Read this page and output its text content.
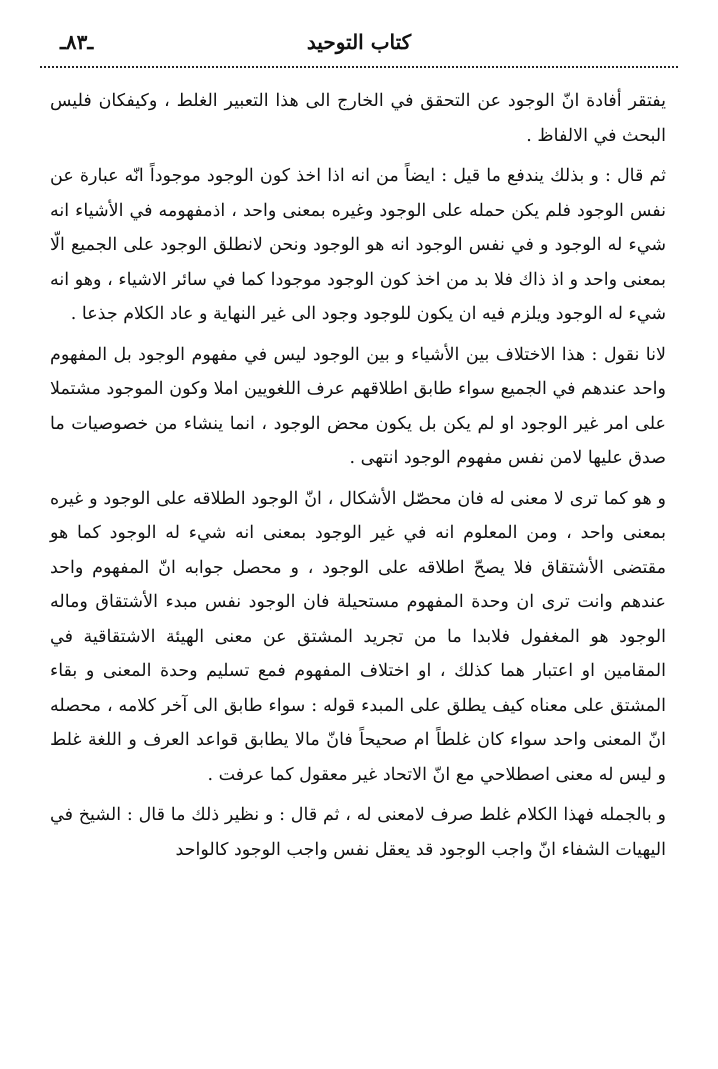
كتاب التوحيد
ـ٨٣ـ

يفتقر أفادة انّ الوجود عن التحقق في الخارج الى هذا التعبير الغلط ، وكيفكان فليس البحث في الالفاظ .

ثم قال : و بذلك يندفع ما قيل : ايضاً من انه اذا اخذ كون الوجود موجوداً انّه عبارة عن نفس الوجود فلم يكن حمله على الوجود وغيره بمعنى واحد ، اذمفهومه في الأشياء انه شيء له الوجود و في نفس الوجود انه هو الوجود ونحن لانطلق الوجود على الجميع الّا بمعنى واحد و اذ ذاك فلا بد من اخذ كون الوجود موجودا كما في سائر الاشياء ، وهو انه شيء له الوجود ويلزم فيه ان يكون للوجود وجود الى غير النهاية و عاد الكلام جذعا .

لانا نقول : هذا الاختلاف بين الأشياء و بين الوجود ليس في مفهوم الوجود بل المفهوم واحد عندهم في الجميع سواء طابق اطلاقهم عرف اللغويين املا وكون الموجود مشتملا على امر غير الوجود او لم يكن بل يكون محض الوجود ، انما ينشاء من خصوصيات ما صدق عليها لامن نفس مفهوم الوجود انتهى .

و هو كما ترى لا معنى له فان محصّل الأشكال ، انّ الوجود الطلاقه على الوجود و غيره بمعنى واحد ، ومن المعلوم انه في غير الوجود بمعنى انه شيء له الوجود كما هو مقتضى الأشتقاق فلا يصحّ اطلاقه على الوجود ، و محصل جوابه انّ المفهوم واحد عندهم وانت ترى ان وحدة المفهوم مستحيلة فان الوجود نفس مبدء الأشتقاق وماله الوجود هو المغفول فلابدا ما من تجريد المشتق عن معنى الهيئة الاشتقاقية في المقامين او اعتبار هما كذلك ، او اختلاف المفهوم فمع تسليم وحدة المعنى و بقاء المشتق على معناه كيف يطلق على المبدء قوله : سواء طابق الى آخر كلامه ، محصله انّ المعنى واحد سواء كان غلطاً ام صحيحاً فانّ مالا يطابق قواعد العرف و اللغة غلط و ليس له معنى اصطلاحي مع انّ الاتحاد غير معقول كما عرفت .

و بالجمله فهذا الكلام غلط صرف لامعنى له ، ثم قال : و نظير ذلك ما قال : الشيخ في اليهيات الشفاء انّ واجب الوجود قد يعقل نفس واجب الوجود كالواحد
